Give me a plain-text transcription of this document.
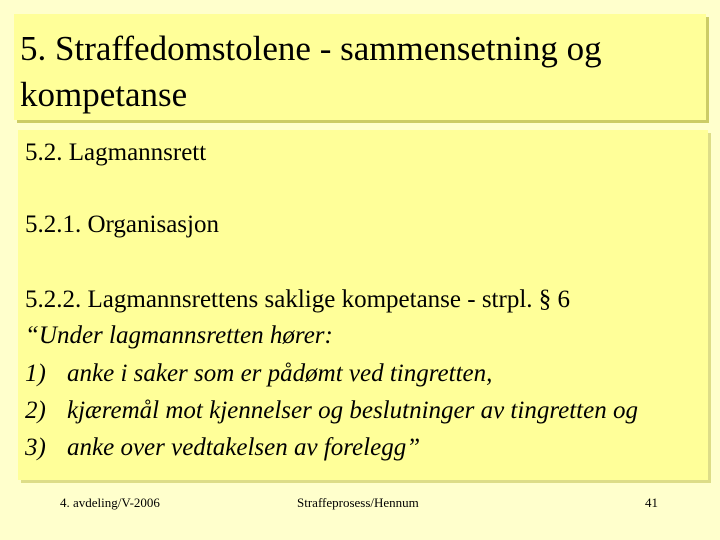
5. Straffedomstolene - sammensetning og kompetanse
5.2. Lagmannsrett
5.2.1. Organisasjon
5.2.2. Lagmannsrettens saklige kompetanse - strpl. § 6
“Under lagmannsretten hører:
1) anke i saker som er pådømt ved tingretten,
2) kjæremål mot kjennelser og beslutninger av tingretten og
3) anke over vedtakelsen av forelegg”
4. avdeling/V-2006	Straffeprosess/Hennum	41
